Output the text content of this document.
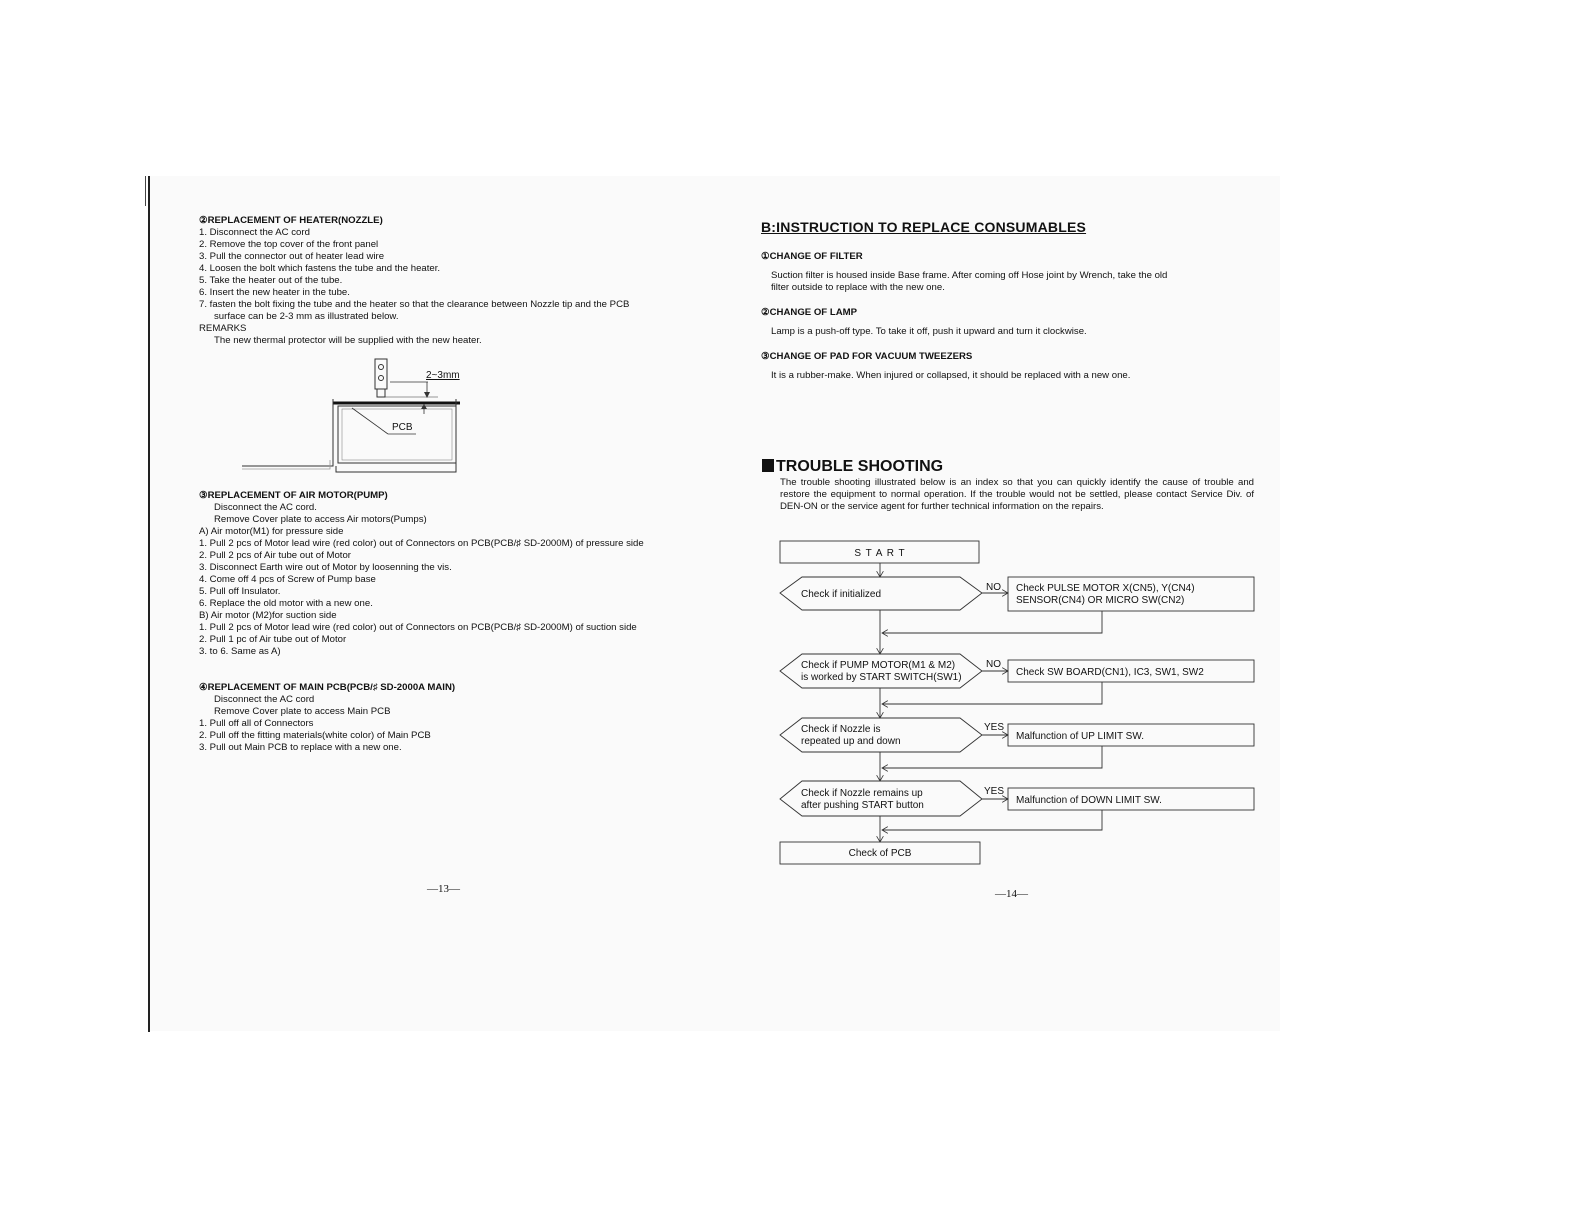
②REPLACEMENT OF HEATER(NOZZLE)
1. Disconnect the AC cord
2. Remove the top cover of the front panel
3. Pull the connector out of heater lead wire
4. Loosen the bolt which fastens the tube and the heater.
5. Take the heater out of the tube.
6. Insert the new heater in the tube.
7. fasten the bolt fixing the tube and the heater so that the clearance between Nozzle tip and the PCB
surface can be 2-3 mm as illustrated below.
REMARKS
The new thermal protector will be supplied with the new heater.
2~3mm
PCB
③REPLACEMENT OF AIR MOTOR(PUMP)
Disconnect the AC cord.
Remove Cover plate to access Air motors(Pumps)
A) Air motor(M1) for pressure side
1. Pull 2 pcs of Motor lead wire (red color) out of Connectors on PCB(PCB/♯ SD-2000M) of pressure side
2. Pull 2 pcs of Air tube out of Motor
3. Disconnect Earth wire out of Motor by loosenning the vis.
4. Come off 4 pcs of Screw of Pump base
5. Pull off Insulator.
6. Replace the old motor with a new one.
B) Air motor (M2)for suction side
1. Pull 2 pcs of Motor lead wire (red color) out of Connectors on PCB(PCB/♯ SD-2000M) of suction side
2. Pull 1 pc of Air tube out of Motor
3. to 6. Same as A)
④REPLACEMENT OF MAIN PCB(PCB/♯ SD-2000A MAIN)
Disconnect the AC cord
Remove Cover plate to access Main PCB
1. Pull off all of Connectors
2. Pull off the fitting materials(white color) of Main PCB
3. Pull out Main PCB to replace with a new one.
—13—
B:INSTRUCTION TO REPLACE CONSUMABLES
①CHANGE OF FILTER
Suction filter is housed inside Base frame. After coming off Hose joint by Wrench, take the old
filter outside to replace with the new one.
②CHANGE OF LAMP
Lamp is a push-off type. To take it off, push it upward and turn it clockwise.
③CHANGE OF PAD FOR VACUUM TWEEZERS
It is a rubber-make. When injured or collapsed, it should be replaced with a new one.
TROUBLE SHOOTING
The trouble shooting illustrated below is an index so that you can quickly identify the cause of trouble and restore the equipment to normal operation. If the trouble would not be settled, please contact Service Div. of DEN-ON or the service agent for further technical information on the repairs.
S T A R T
Check if initialized
NO Check PULSE MOTOR X(CN5), Y(CN4)
SENSOR(CN4) OR MICRO SW(CN2)
Check if PUMP MOTOR(M1 & M2)
is worked by START SWITCH(SW1)
NO
Check SW BOARD(CN1), IC3, SW1, SW2
Check if Nozzle is
repeated up and down
YES
Malfunction of UP LIMIT SW.
Check if Nozzle remains up
after pushing START button
YES
Malfunction of DOWN LIMIT SW.
Check of PCB
—14—
